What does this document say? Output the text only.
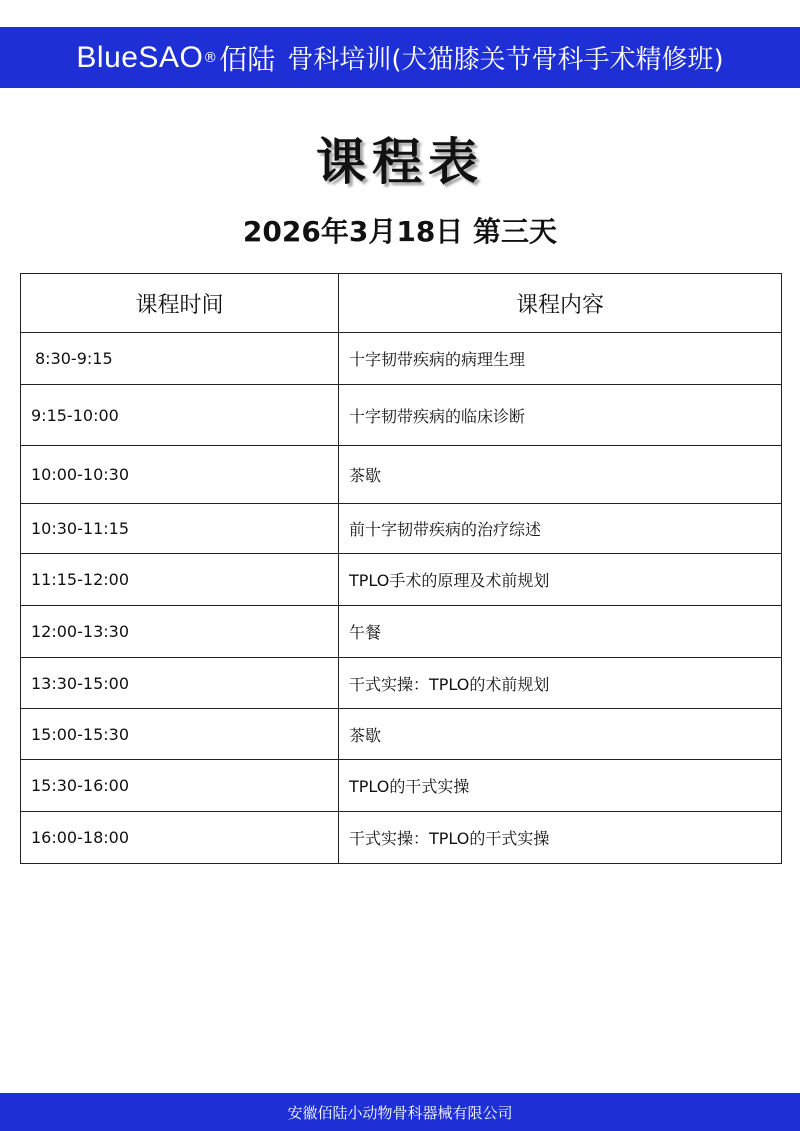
BlueSAO ® 佰陆 骨科培训(犬猫膝关节骨科手术精修班)
课程表
2026年3月18日 第三天
课程时间	课程内容
8:30-9:15	十字韧带疾病的病理生理
9:15-10:00	十字韧带疾病的临床诊断
10:00-10:30	茶歇
10:30-11:15	前十字韧带疾病的治疗综述
11:15-12:00	TPLO手术的原理及术前规划
12:00-13:30	午餐
13:30-15:00	干式实操：TPLO的术前规划
15:00-15:30	茶歇
15:30-16:00	TPLO的干式实操
16:00-18:00	干式实操：TPLO的干式实操
安徽佰陆小动物骨科器械有限公司
